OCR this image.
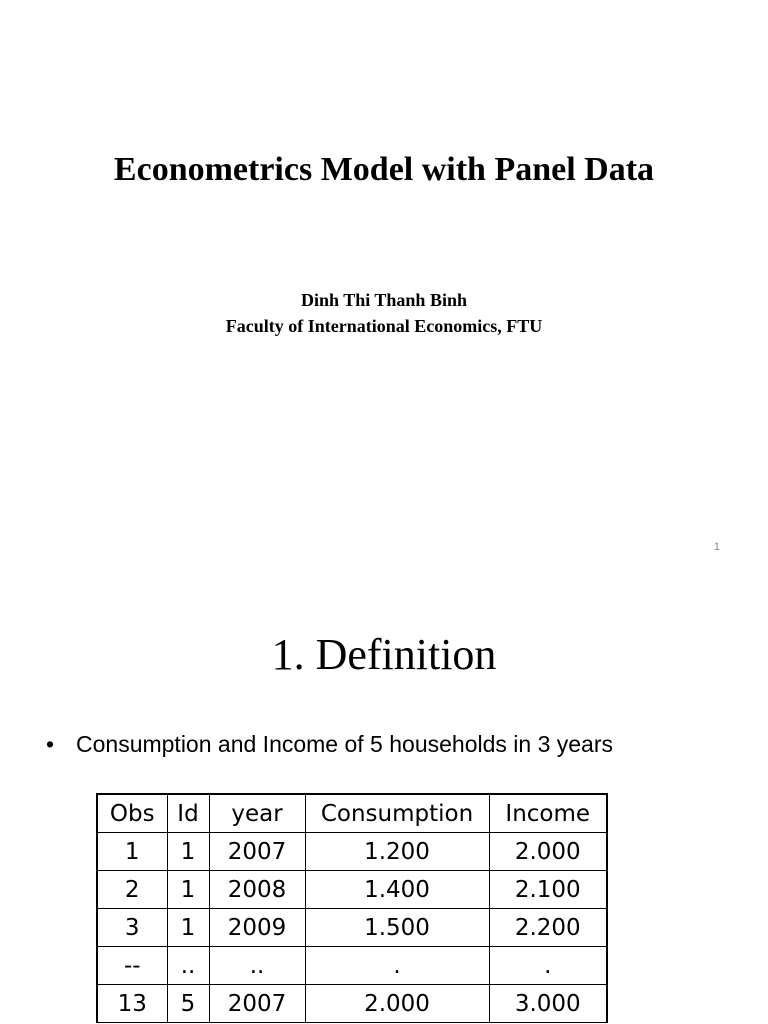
Econometrics Model with Panel Data
Dinh Thi Thanh Binh
Faculty of International Economics, FTU
1
1. Definition
• Consumption and Income of 5 households in 3 years
Obs	Id	year	Consumption	Income
1	1	2007	1.200	2.000
2	1	2008	1.400	2.100
3	1	2009	1.500	2.200
--	..	..	.	.
13	5	2007	2.000	3.000
